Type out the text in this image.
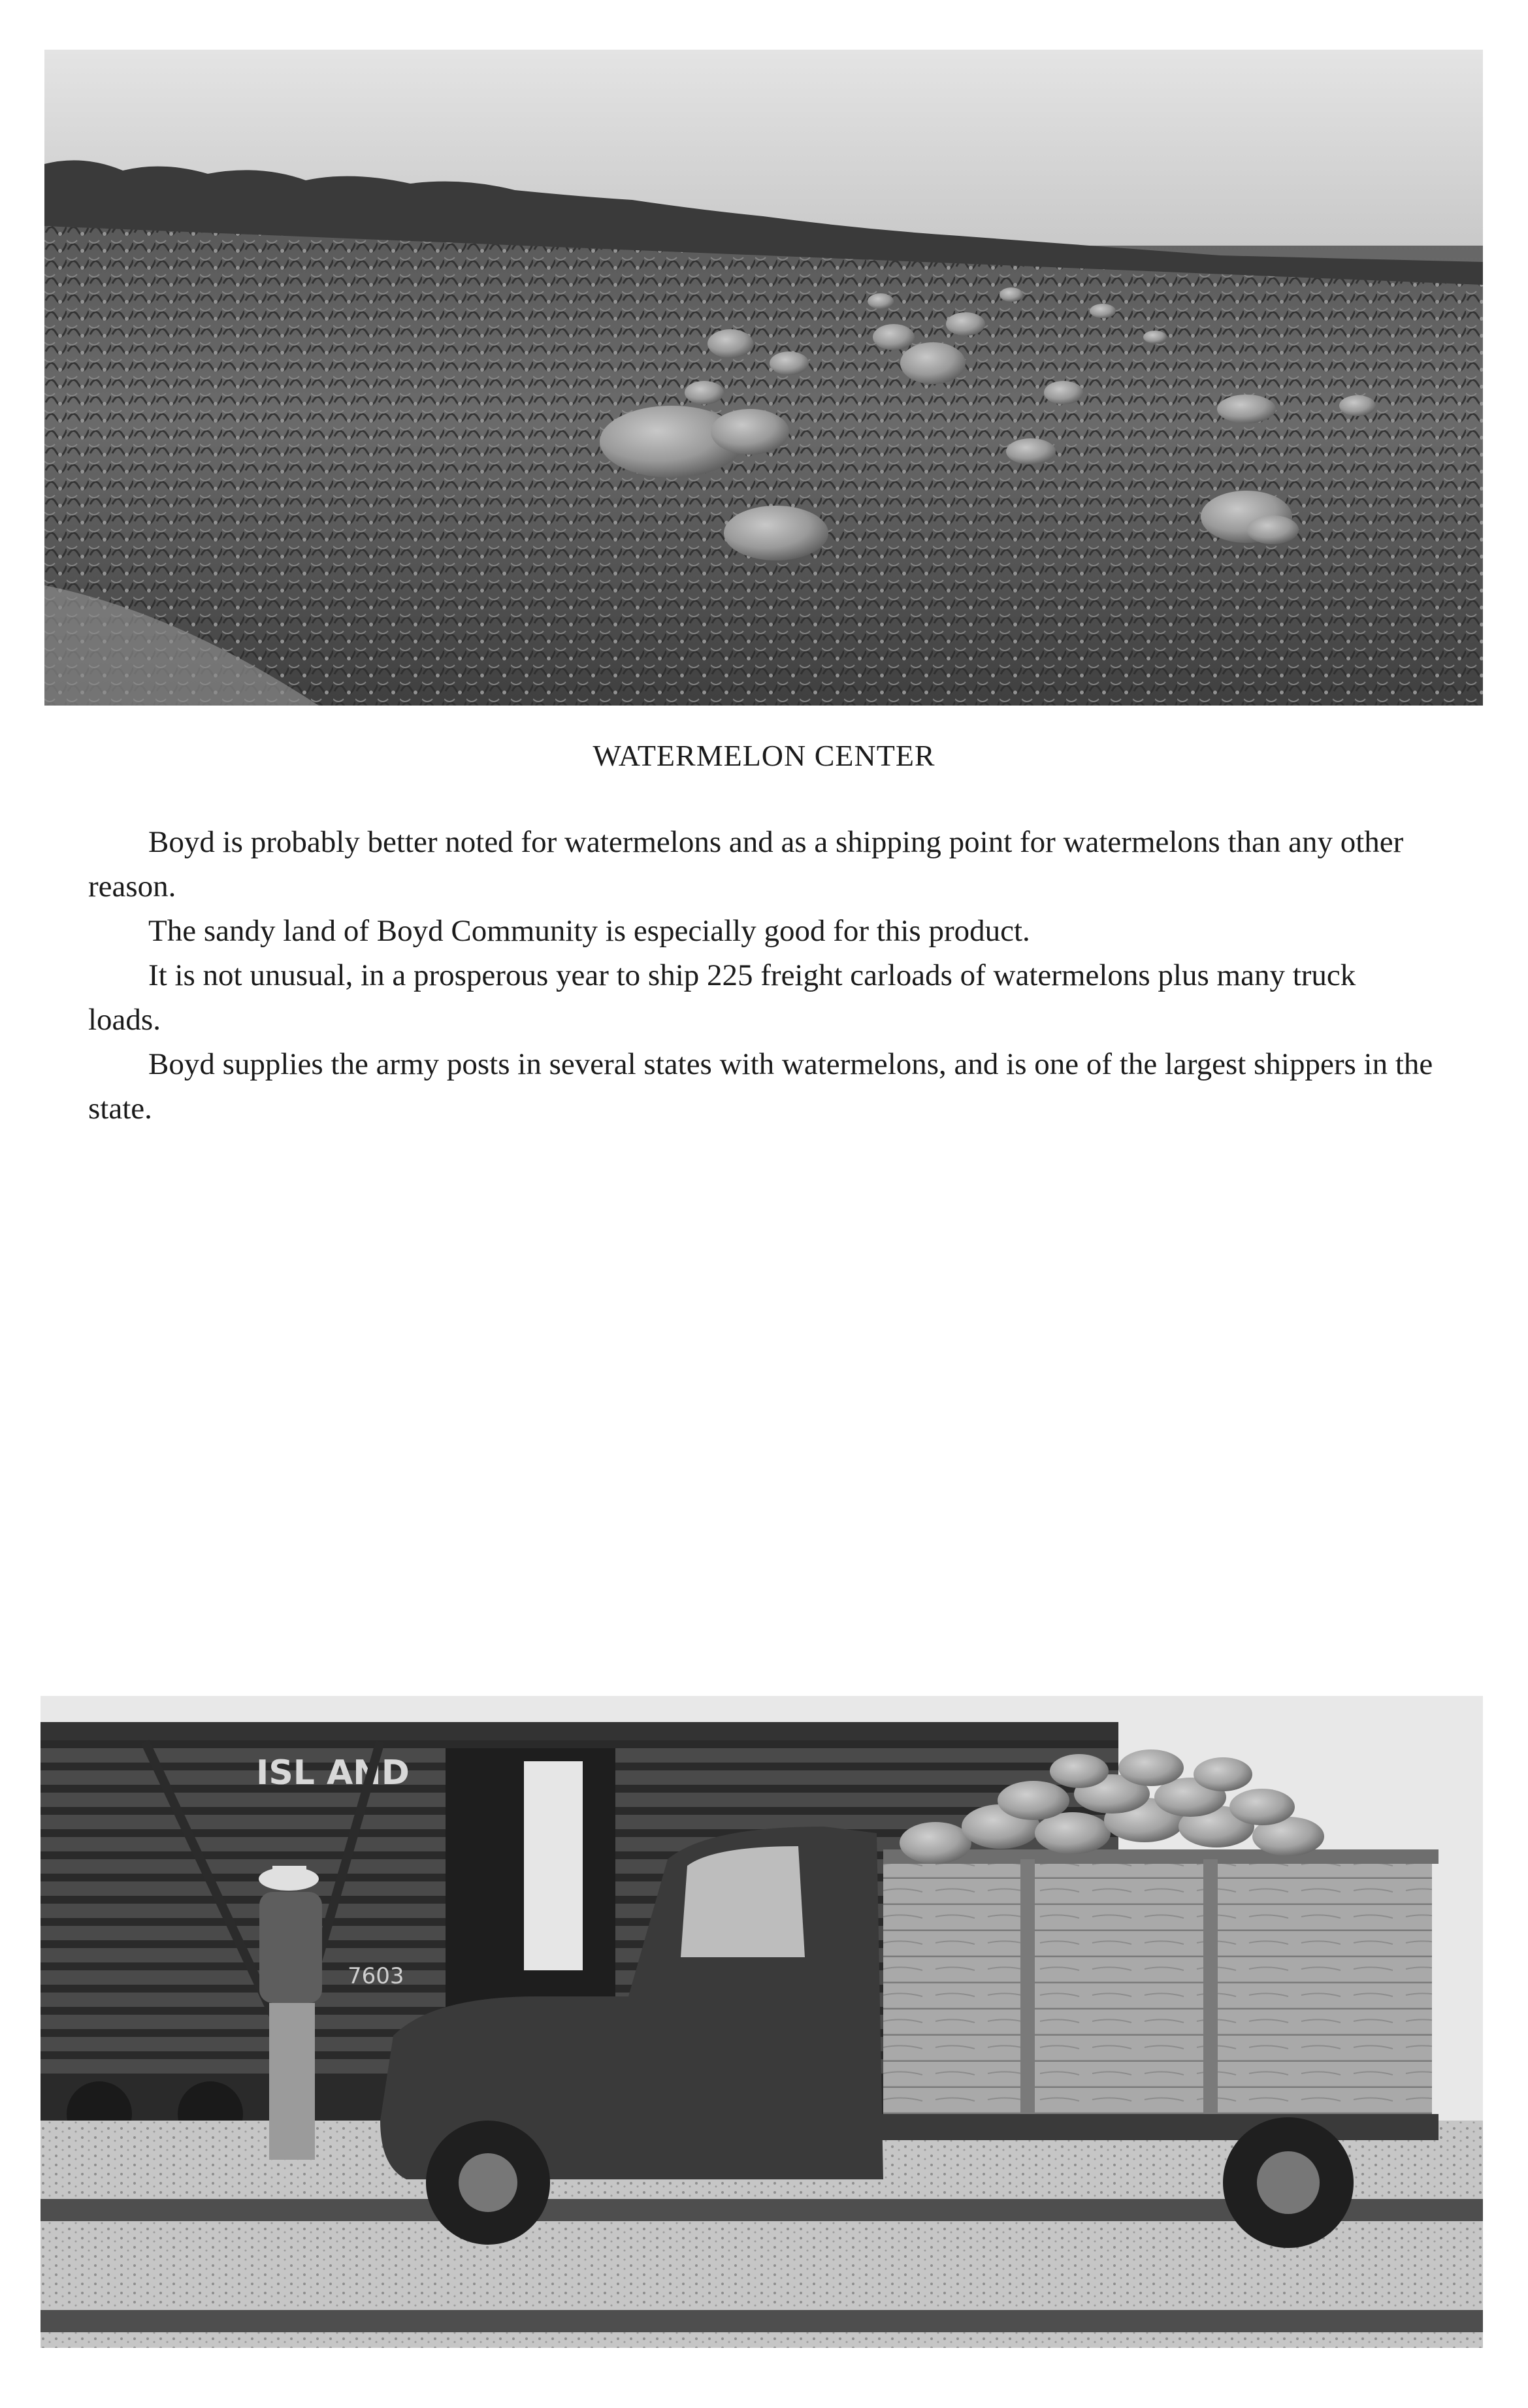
WATERMELON CENTER

Boyd is probably better noted for watermelons and as a shipping point for watermelons than any other reason.

The sandy land of Boyd Community is especially good for this product.

It is not unusual, in a prosperous year to ship 225 freight carloads of watermelons plus many truck loads.

Boyd supplies the army posts in several states with watermelons, and is one of the largest shippers in the state.

ISL AND
7603
